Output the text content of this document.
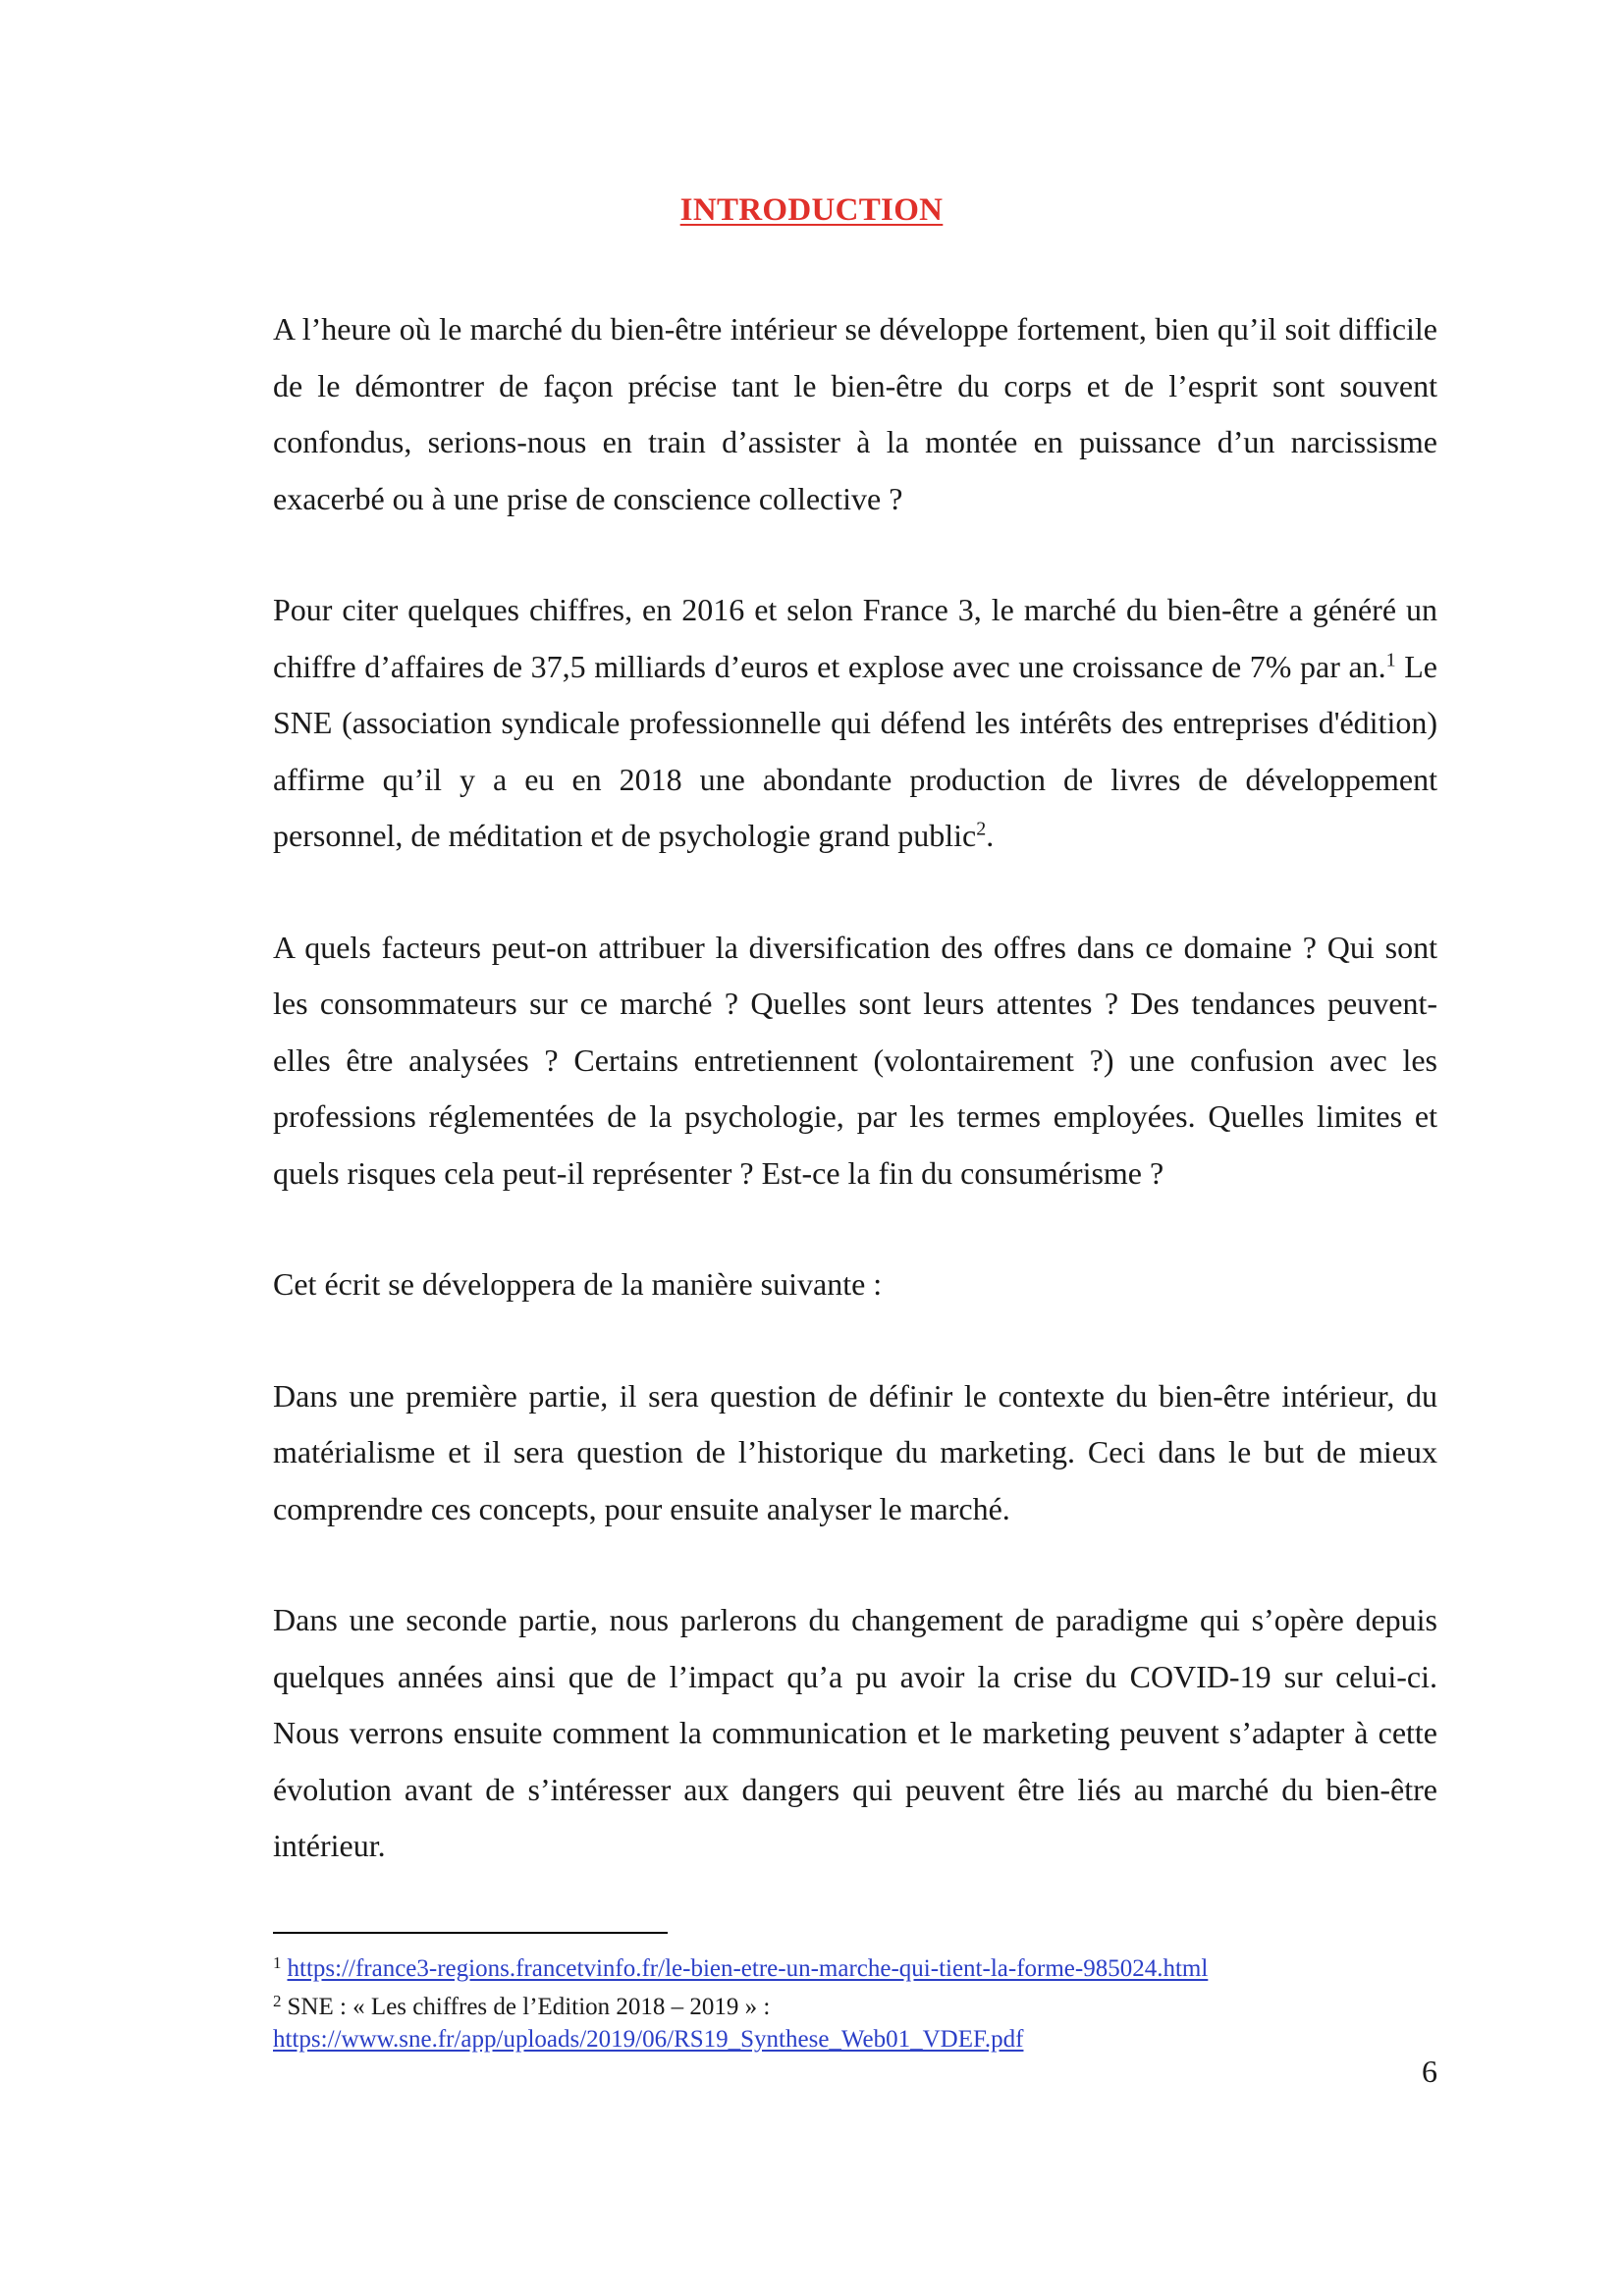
INTRODUCTION

A l’heure où le marché du bien-être intérieur se développe fortement, bien qu’il soit difficile de le démontrer de façon précise tant le bien-être du corps et de l’esprit sont souvent confondus, serions-nous en train d’assister à la montée en puissance d’un narcissisme exacerbé ou à une prise de conscience collective ?

Pour citer quelques chiffres, en 2016 et selon France 3, le marché du bien-être a généré un chiffre d’affaires de 37,5 milliards d’euros et explose avec une croissance de 7% par an.$^1$ Le SNE (association syndicale professionnelle qui défend les intérêts des entreprises d'édition) affirme qu’il y a eu en 2018 une abondante production de livres de développement personnel, de méditation et de psychologie grand public$^2$.

A quels facteurs peut-on attribuer la diversification des offres dans ce domaine ? Qui sont les consommateurs sur ce marché ? Quelles sont leurs attentes ? Des tendances peuvent-elles être analysées ? Certains entretiennent (volontairement ?) une confusion avec les professions réglementées de la psychologie, par les termes employées. Quelles limites et quels risques cela peut-il représenter ? Est-ce la fin du consumérisme ?

Cet écrit se développera de la manière suivante :

Dans une première partie, il sera question de définir le contexte du bien-être intérieur, du matérialisme et il sera question de l’historique du marketing. Ceci dans le but de mieux comprendre ces concepts, pour ensuite analyser le marché.

Dans une seconde partie, nous parlerons du changement de paradigme qui s’opère depuis quelques années ainsi que de l’impact qu’a pu avoir la crise du COVID-19 sur celui-ci. Nous verrons ensuite comment la communication et le marketing peuvent s’adapter à cette évolution avant de s’intéresser aux dangers qui peuvent être liés au marché du bien-être intérieur.

$^1$ https://france3-regions.francetvinfo.fr/le-bien-etre-un-marche-qui-tient-la-forme-985024.html
$^2$ SNE : « Les chiffres de l’Edition 2018 – 2019 » :
https://www.sne.fr/app/uploads/2019/06/RS19_Synthese_Web01_VDEF.pdf
6
